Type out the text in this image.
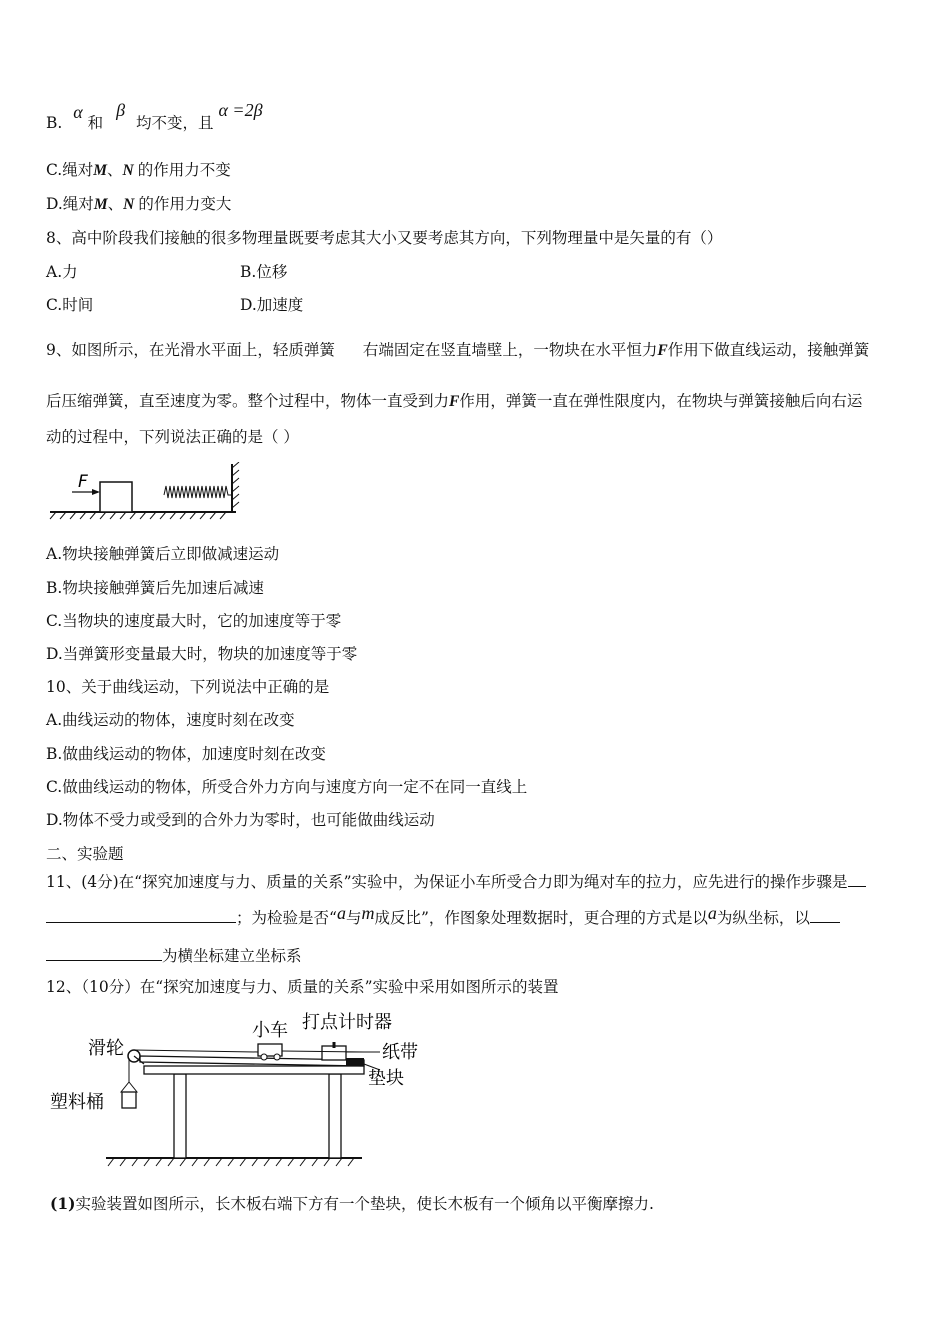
B. α 和 β 均不变，且 α =2β
C.绳对M、N 的作用力不变
D.绳对M、N 的作用力变大
8、高中阶段我们接触的很多物理量既要考虑其大小又要考虑其方向，下列物理量中是矢量的有（）
A.力	B.位移
C.时间	D.加速度
9、如图所示，在光滑水平面上，轻质弹簧 右端固定在竖直墙壁上，一物块在水平恒力F作用下做直线运动，接触弹簧
后压缩弹簧，直至速度为零。整个过程中，物体一直受到力F作用，弹簧一直在弹性限度内，在物块与弹簧接触后向右运
动的过程中，下列说法正确的是（ ）
F
A.物块接触弹簧后立即做减速运动
B.物块接触弹簧后先加速后减速
C.当物块的速度最大时，它的加速度等于零
D.当弹簧形变量最大时，物块的加速度等于零
10、关于曲线运动，下列说法中正确的是
A.曲线运动的物体，速度时刻在改变
B.做曲线运动的物体，加速度时刻在改变
C.做曲线运动的物体，所受合外力方向与速度方向一定不在同一直线上
D.物体不受力或受到的合外力为零时，也可能做曲线运动
二、实验题
11、(4分)在“探究加速度与力、质量的关系”实验中，为保证小车所受合力即为绳对车的拉力，应先进行的操作步骤是
；为检验是否“a与m成反比”，作图象处理数据时，更合理的方式是以a为纵坐标，以
为横坐标建立坐标系
12、（10分）在“探究加速度与力、质量的关系”实验中采用如图所示的装置
滑轮
小车 打点计时器
纸带
垫块
塑料桶
(1)实验装置如图所示，长木板右端下方有一个垫块，使长木板有一个倾角以平衡摩擦力.
